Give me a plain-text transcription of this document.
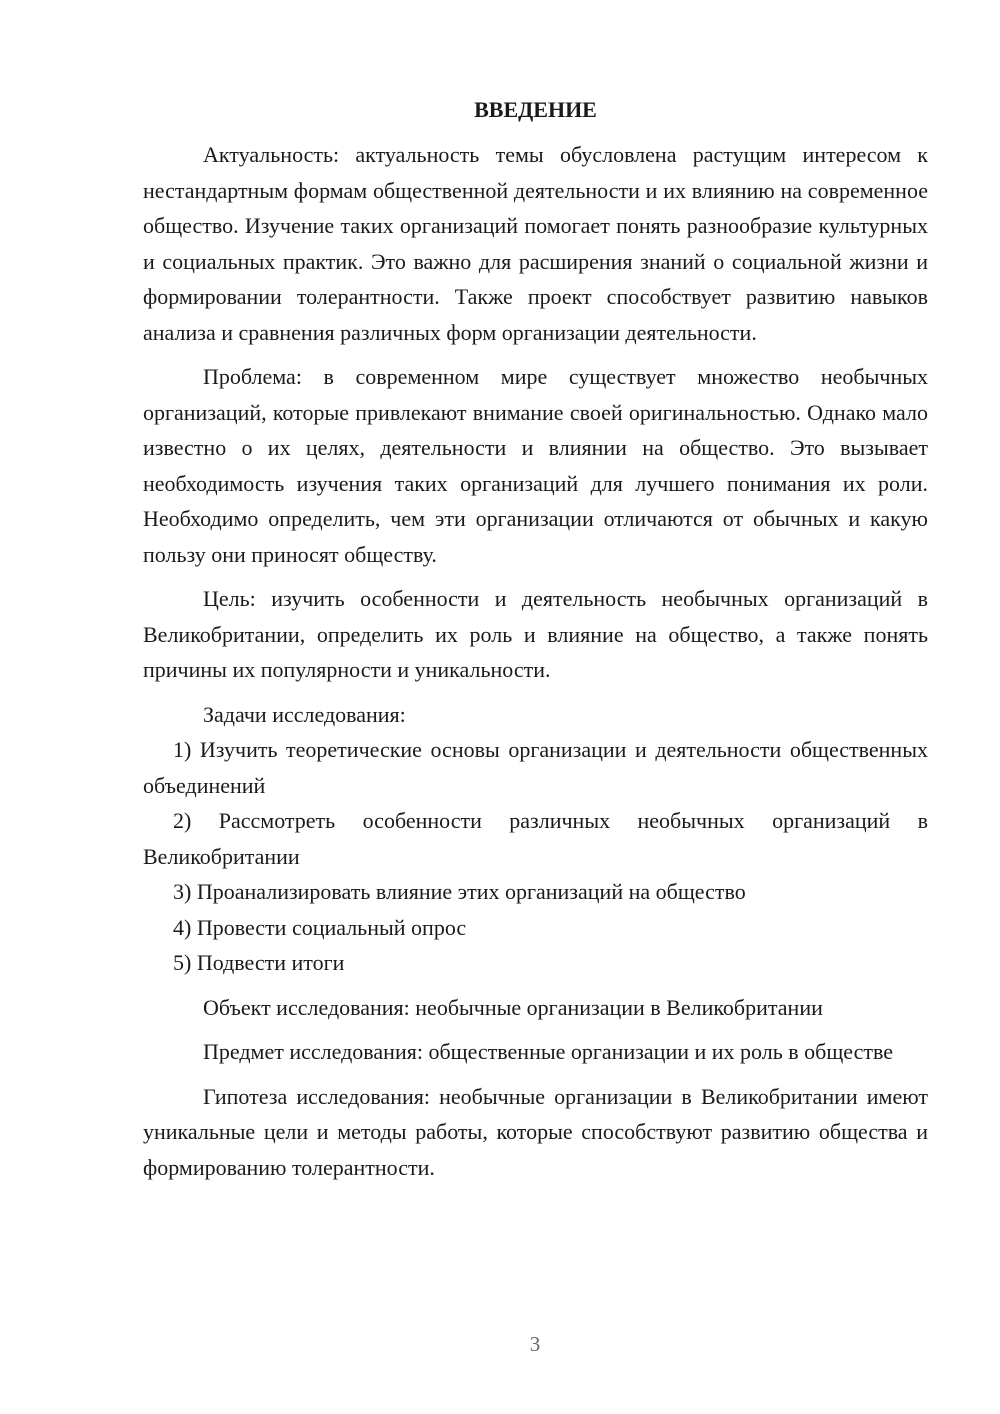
ВВЕДЕНИЕ

Актуальность: актуальность темы обусловлена растущим интересом к нестандартным формам общественной деятельности и их влиянию на современное общество. Изучение таких организаций помогает понять разнообразие культурных и социальных практик. Это важно для расширения знаний о социальной жизни и формировании толерантности. Также проект способствует развитию навыков анализа и сравнения различных форм организации деятельности.

Проблема: в современном мире существует множество необычных организаций, которые привлекают внимание своей оригинальностью. Однако мало известно о их целях, деятельности и влиянии на общество. Это вызывает необходимость изучения таких организаций для лучшего понимания их роли. Необходимо определить, чем эти организации отличаются от обычных и какую пользу они приносят обществу.

Цель: изучить особенности и деятельность необычных организаций в Великобритании, определить их роль и влияние на общество, а также понять причины их популярности и уникальности.

Задачи исследования:

1) Изучить теоретические основы организации и деятельности общественных объединений

2) Рассмотреть особенности различных необычных организаций в Великобритании

3) Проанализировать влияние этих организаций на общество

4) Провести социальный опрос

5) Подвести итоги

Объект исследования: необычные организации в Великобритании

Предмет исследования: общественные организации и их роль в обществе

Гипотеза исследования: необычные организации в Великобритании имеют уникальные цели и методы работы, которые способствуют развитию общества и формированию толерантности.

3
